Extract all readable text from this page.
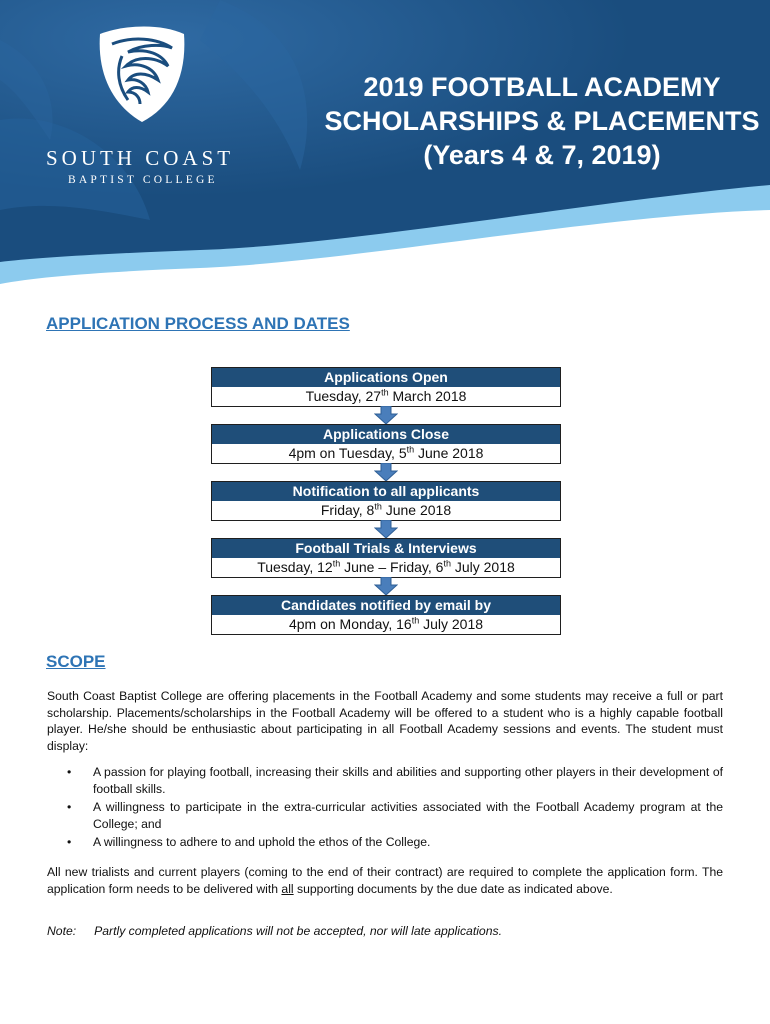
SOUTH COAST
BAPTIST COLLEGE
2019 FOOTBALL ACADEMY
SCHOLARSHIPS & PLACEMENTS
(Years 4 & 7, 2019)
APPLICATION PROCESS AND DATES
Applications Open
Tuesday, 27th March 2018
Applications Close
4pm on Tuesday, 5th June 2018
Notification to all applicants
Friday, 8th June 2018
Football Trials & Interviews
Tuesday, 12th June – Friday, 6th July 2018
Candidates notified by email by
4pm on Monday, 16th July 2018
SCOPE
South Coast Baptist College are offering placements in the Football Academy and some students may receive a full or part scholarship. Placements/scholarships in the Football Academy will be offered to a student who is a highly capable football player. He/she should be enthusiastic about participating in all Football Academy sessions and events. The student must display:
• A passion for playing football, increasing their skills and abilities and supporting other players in their development of football skills.
• A willingness to participate in the extra-curricular activities associated with the Football Academy program at the College; and
• A willingness to adhere to and uphold the ethos of the College.
All new trialists and current players (coming to the end of their contract) are required to complete the application form. The application form needs to be delivered with all supporting documents by the due date as indicated above.
Note: Partly completed applications will not be accepted, nor will late applications.
